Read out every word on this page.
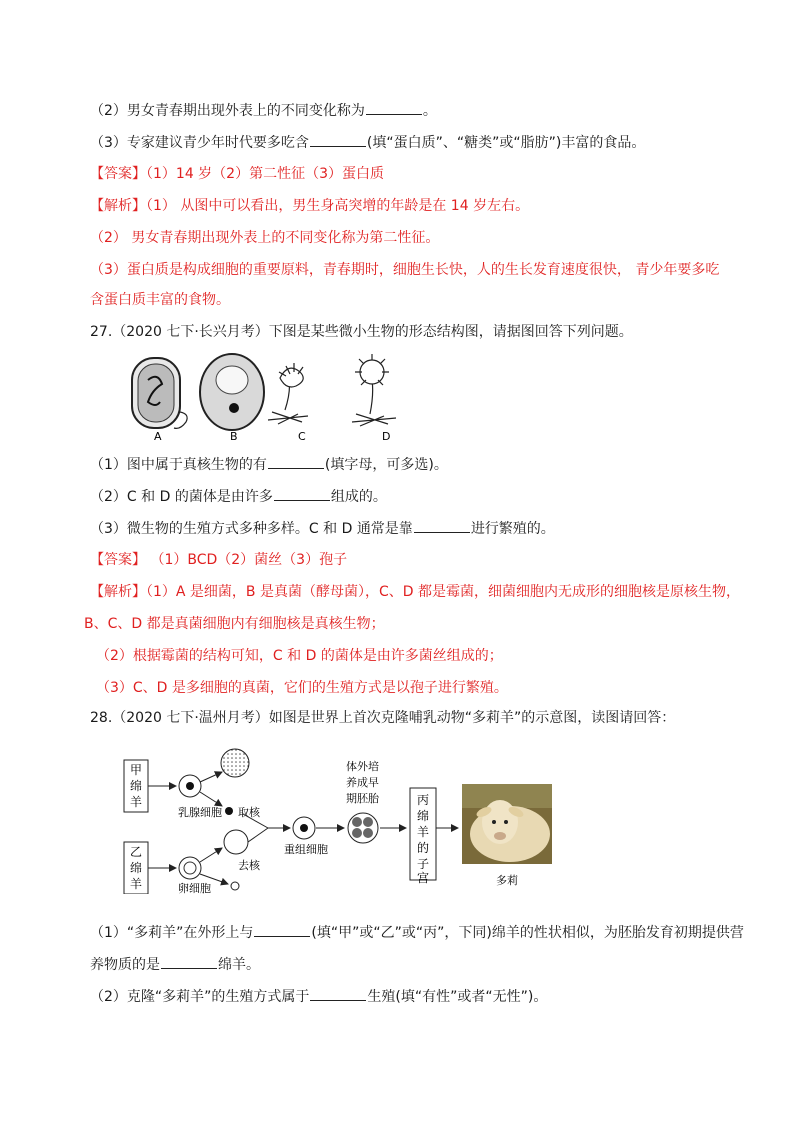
（2）男女青春期出现外表上的不同变化称为	。
（3）专家建议青少年时代要多吃含	(填“蛋白质”、“糖类”或“脂肪”)丰富的食品。
【答案】（1）14 岁（2）第二性征（3）蛋白质
【解析】（1） 从图中可以看出，男生身高突增的年龄是在 14 岁左右。
（2） 男女青春期出现外表上的不同变化称为第二性征。
（3）蛋白质是构成细胞的重要原料，青春期时，细胞生长快，人的生长发育速度很快， 青少年要多吃
含蛋白质丰富的食物。
27.（2020 七下·长兴月考）下图是某些微小生物的形态结构图，请据图回答下列问题。
A	B	C	D
（1）图中属于真核生物的有	(填字母，可多选)。
（2）C 和 D 的菌体是由许多	组成的。
（3）微生物的生殖方式多种多样。C 和 D 通常是靠	进行繁殖的。
【答案】 （1）BCD（2）菌丝（3）孢子
【解析】（1）A 是细菌，B 是真菌（酵母菌），C、D 都是霉菌，细菌细胞内无成形的细胞核是原核生物，
B、C、D 都是真菌细胞内有细胞核是真核生物；
（2）根据霉菌的结构可知，C 和 D 的菌体是由许多菌丝组成的；
（3）C、D 是多细胞的真菌，它们的生殖方式是以孢子进行繁殖。
28.（2020 七下·温州月考）如图是世界上首次克隆哺乳动物“多莉羊”的示意图，读图请回答：
甲
绵
羊
乙
绵
羊
乳腺细胞 取核
去核
卵细胞
重组细胞
体外培
养成早
期胚胎	丙
绵
羊
的
子
宫	多莉
（1）“多莉羊”在外形上与	(填“甲”或“乙”或“丙”，下同)绵羊的性状相似，为胚胎发育初期提供营
养物质的是	绵羊。
（2）克隆“多莉羊”的生殖方式属于	生殖(填“有性”或者“无性”)。
甲绵羊 乙绵羊 丙绵羊的子宫
